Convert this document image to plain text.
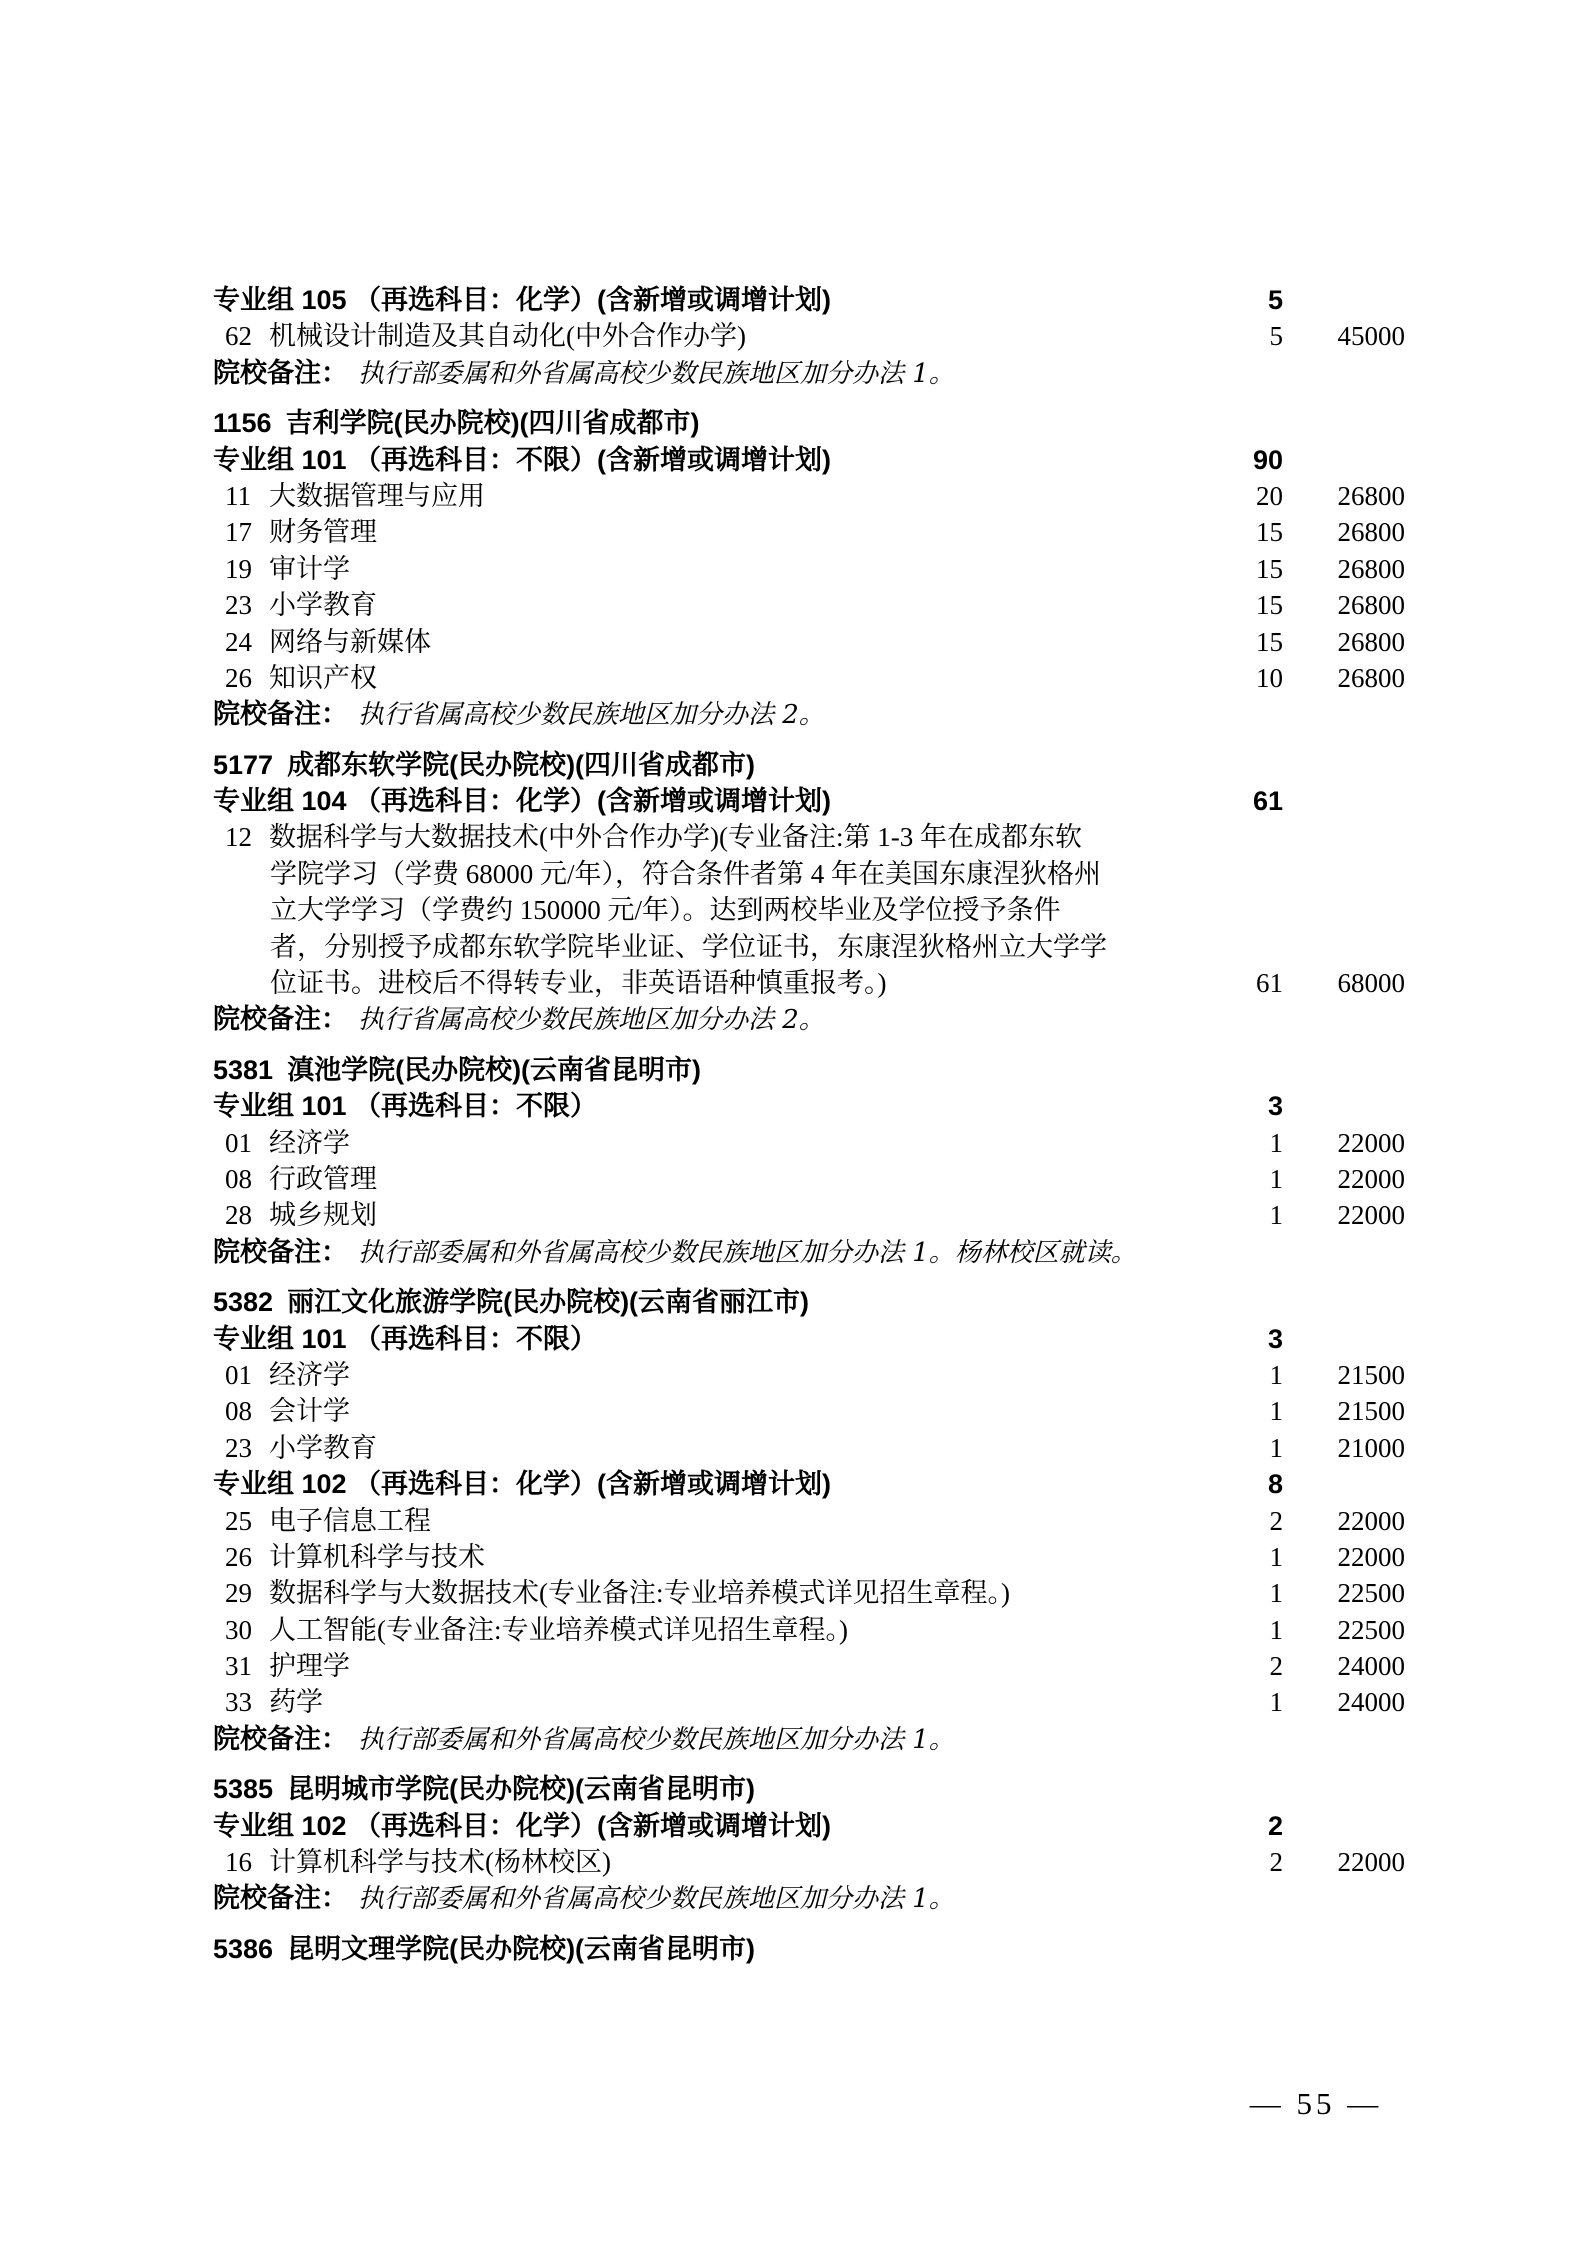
专业组 105 （再选科目：化学）(含新增或调增计划)	5
62 机械设计制造及其自动化(中外合作办学)	5	45000
院校备注： 执行部委属和外省属高校少数民族地区加分办法 1。
1156 吉利学院(民办院校)(四川省成都市)
专业组 101 （再选科目：不限）(含新增或调增计划)	90
11 大数据管理与应用	20	26800
17 财务管理	15	26800
19 审计学	15	26800
23 小学教育	15	26800
24 网络与新媒体	15	26800
26 知识产权	10	26800
院校备注： 执行省属高校少数民族地区加分办法 2。
5177 成都东软学院(民办院校)(四川省成都市)
专业组 104 （再选科目：化学）(含新增或调增计划)	61
12 数据科学与大数据技术(中外合作办学)(专业备注:第 1-3 年在成都东软
学院学习（学费 68000 元/年），符合条件者第 4 年在美国东康涅狄格州
立大学学习（学费约 150000 元/年）。达到两校毕业及学位授予条件
者，分别授予成都东软学院毕业证、学位证书，东康涅狄格州立大学学
位证书。进校后不得转专业，非英语语种慎重报考。)	61	68000
院校备注： 执行省属高校少数民族地区加分办法 2。
5381 滇池学院(民办院校)(云南省昆明市)
专业组 101 （再选科目：不限）	3
01 经济学	1	22000
08 行政管理	1	22000
28 城乡规划	1	22000
院校备注： 执行部委属和外省属高校少数民族地区加分办法 1。杨林校区就读。
5382 丽江文化旅游学院(民办院校)(云南省丽江市)
专业组 101 （再选科目：不限）	3
01 经济学	1	21500
08 会计学	1	21500
23 小学教育	1	21000
专业组 102 （再选科目：化学）(含新增或调增计划)	8
25 电子信息工程	2	22000
26 计算机科学与技术	1	22000
29 数据科学与大数据技术(专业备注:专业培养模式详见招生章程。)	1	22500
30 人工智能(专业备注:专业培养模式详见招生章程。)	1	22500
31 护理学	2	24000
33 药学	1	24000
院校备注： 执行部委属和外省属高校少数民族地区加分办法 1。
5385 昆明城市学院(民办院校)(云南省昆明市)
专业组 102 （再选科目：化学）(含新增或调增计划)	2
16 计算机科学与技术(杨林校区)	2	22000
院校备注： 执行部委属和外省属高校少数民族地区加分办法 1。
5386 昆明文理学院(民办院校)(云南省昆明市)
— 55 —
